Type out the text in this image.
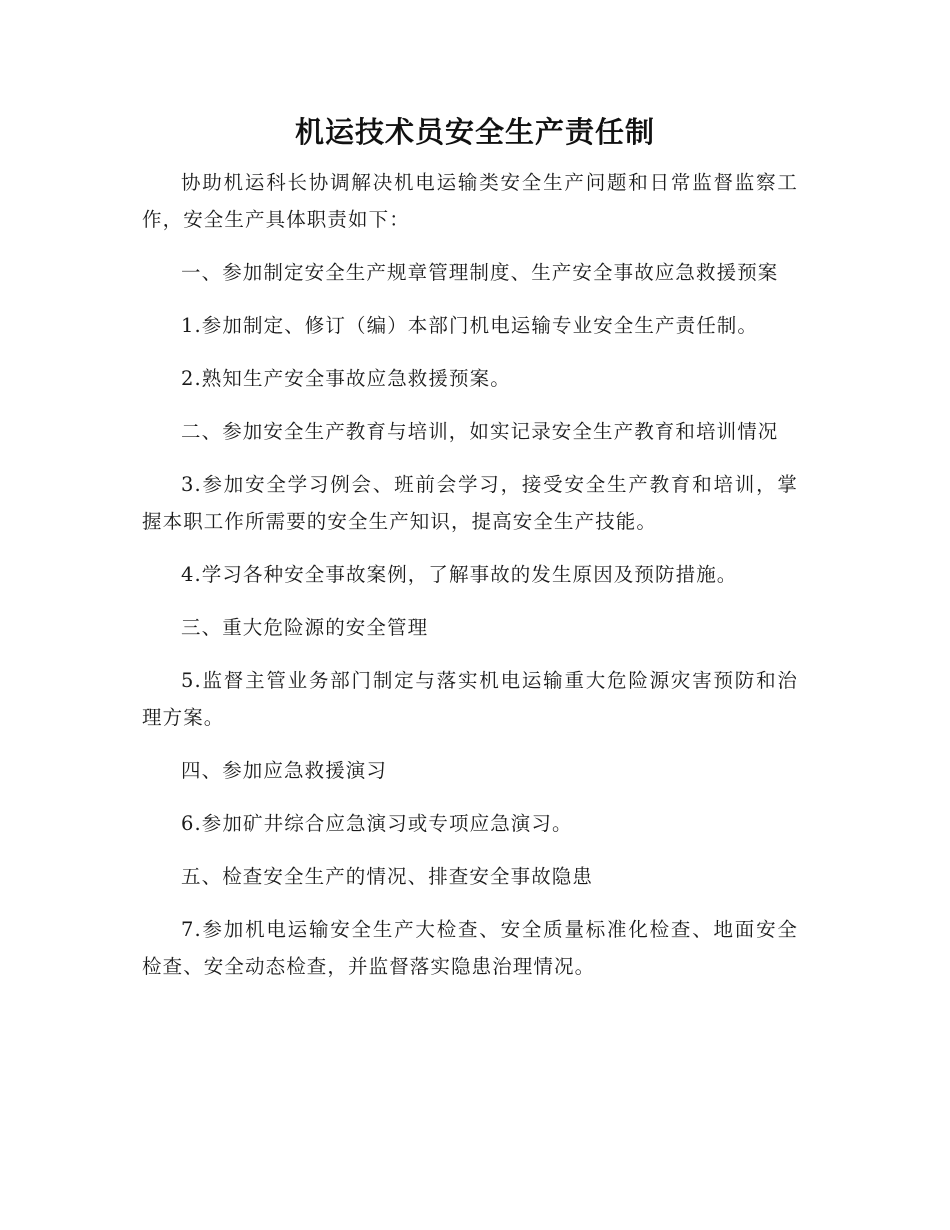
机运技术员安全生产责任制

协助机运科长协调解决机电运输类安全生产问题和日常监督监察工作，安全生产具体职责如下：

一、参加制定安全生产规章管理制度、生产安全事故应急救援预案

1.参加制定、修订（编）本部门机电运输专业安全生产责任制。

2.熟知生产安全事故应急救援预案。

二、参加安全生产教育与培训，如实记录安全生产教育和培训情况

3.参加安全学习例会、班前会学习，接受安全生产教育和培训，掌握本职工作所需要的安全生产知识，提高安全生产技能。

4.学习各种安全事故案例，了解事故的发生原因及预防措施。

三、重大危险源的安全管理

5.监督主管业务部门制定与落实机电运输重大危险源灾害预防和治理方案。

四、参加应急救援演习

6.参加矿井综合应急演习或专项应急演习。

五、检查安全生产的情况、排查安全事故隐患

7.参加机电运输安全生产大检查、安全质量标准化检查、地面安全检查、安全动态检查，并监督落实隐患治理情况。
